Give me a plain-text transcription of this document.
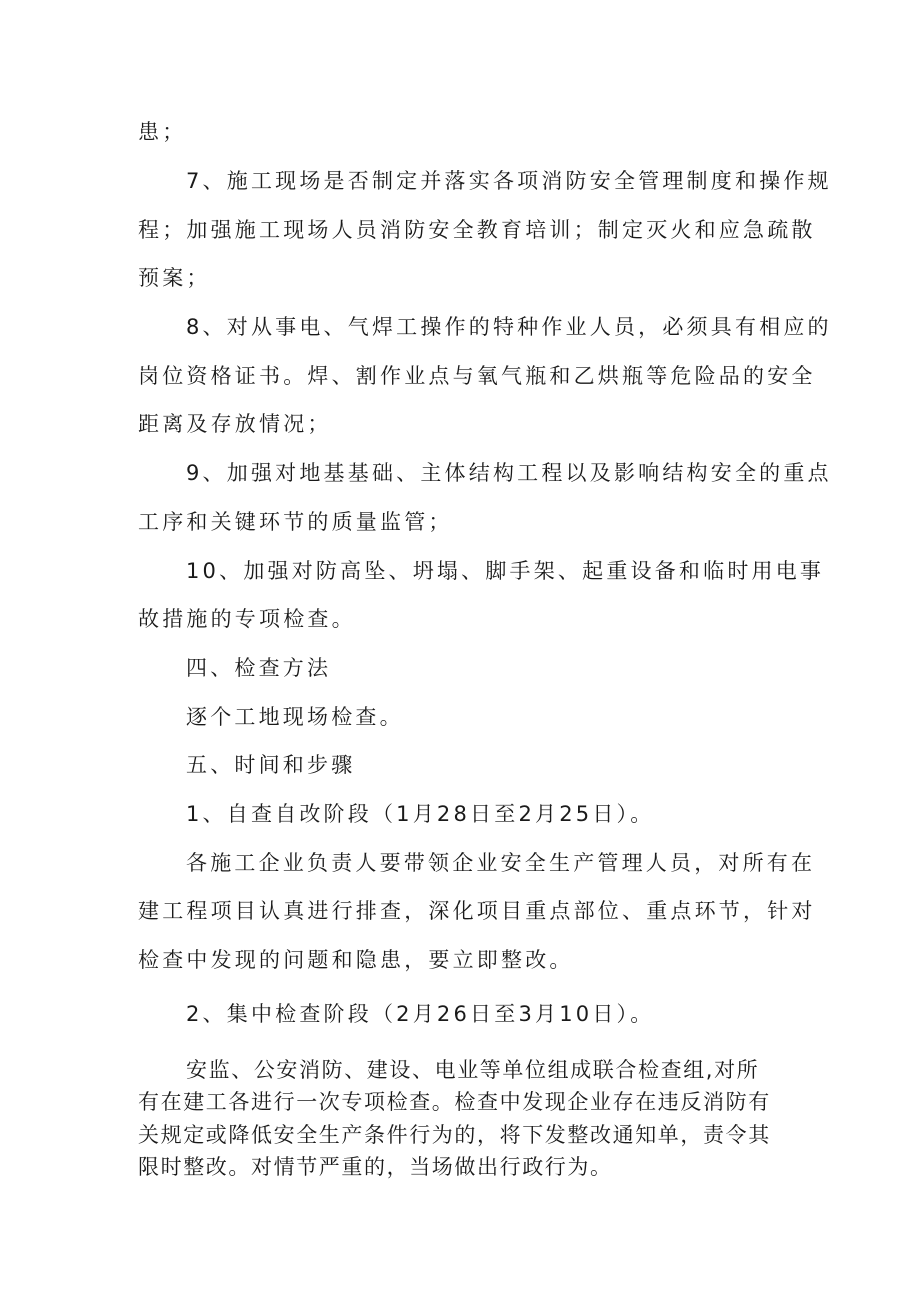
患；
7、施工现场是否制定并落实各项消防安全管理制度和操作规
程；加强施工现场人员消防安全教育培训；制定灭火和应急疏散
预案；
8、对从事电、气焊工操作的特种作业人员，必须具有相应的
岗位资格证书。焊、割作业点与氧气瓶和乙烘瓶等危险品的安全
距离及存放情况；
9、加强对地基基础、主体结构工程以及影响结构安全的重点
工序和关键环节的质量监管；
10、加强对防高坠、坍塌、脚手架、起重设备和临时用电事
故措施的专项检查。
四、检查方法
逐个工地现场检查。
五、时间和步骤
1、自查自改阶段（1月28日至2月25日）。
各施工企业负责人要带领企业安全生产管理人员，对所有在
建工程项目认真进行排查，深化项目重点部位、重点环节，针对
检查中发现的问题和隐患，要立即整改。
2、集中检查阶段（2月26日至3月10日）。
安监、公安消防、建设、电业等单位组成联合检查组,对所
有在建工各进行一次专项检查。检查中发现企业存在违反消防有
关规定或降低安全生产条件行为的，将下发整改通知单，责令其
限时整改。对情节严重的，当场做出行政行为。
